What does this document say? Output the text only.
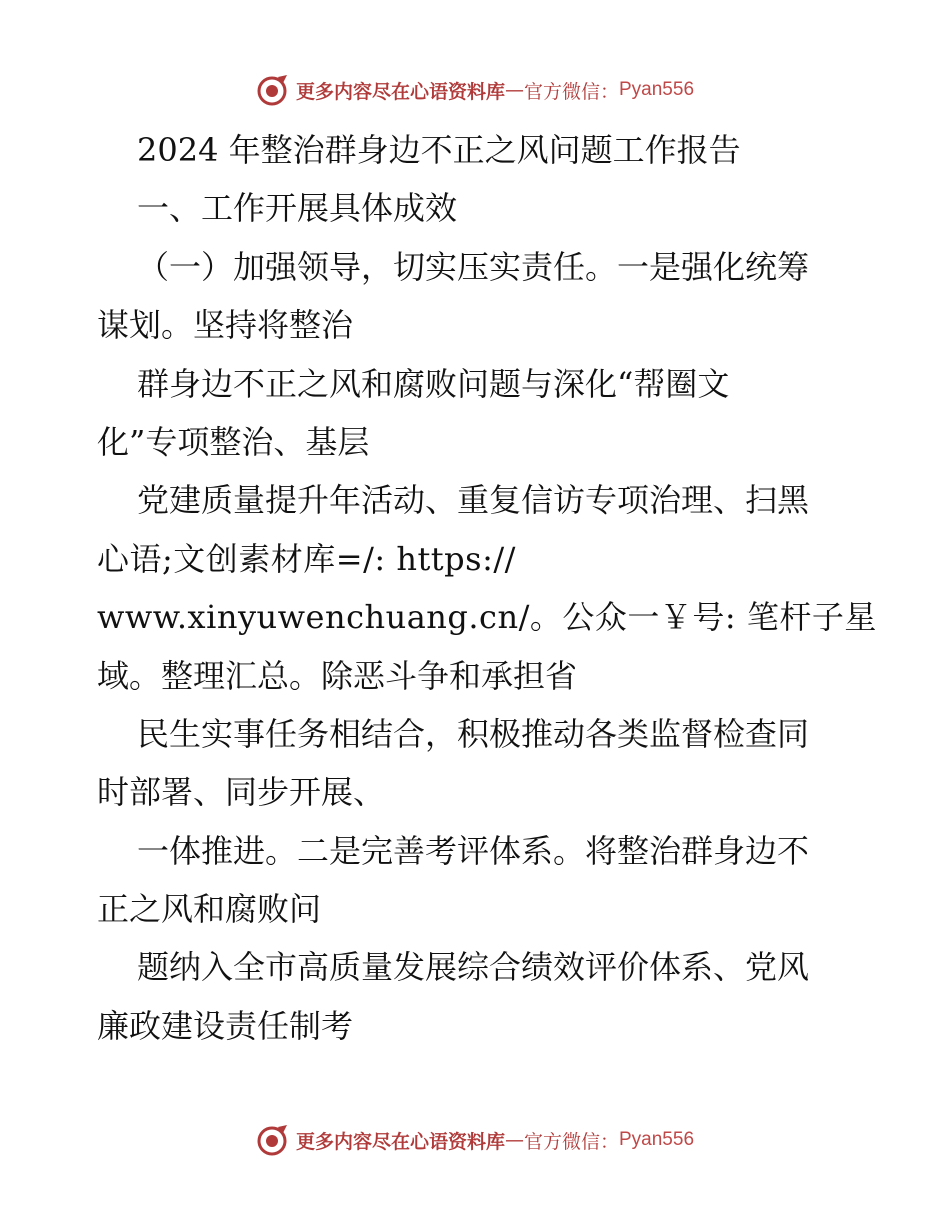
更多内容尽在心语资料库 — 官方微信： Pyan556
2024 年整治群身边不正之风问题工作报告
一、工作开展具体成效
（一）加强领导，切实压实责任。一是强化统筹
谋划。坚持将整治
群身边不正之风和腐败问题与深化“帮圈文
化”专项整治、基层
党建质量提升年活动、重复信访专项治理、扫黑
心语;文创素材库=/: https://
www.xinyuwenchuang.cn/。公众一￥号: 笔杆子星
域。整理汇总。除恶斗争和承担省
民生实事任务相结合，积极推动各类监督检查同
时部署、同步开展、
一体推进。二是完善考评体系。将整治群身边不
正之风和腐败问
题纳入全市高质量发展综合绩效评价体系、党风
廉政建设责任制考
更多内容尽在心语资料库 — 官方微信： Pyan556
